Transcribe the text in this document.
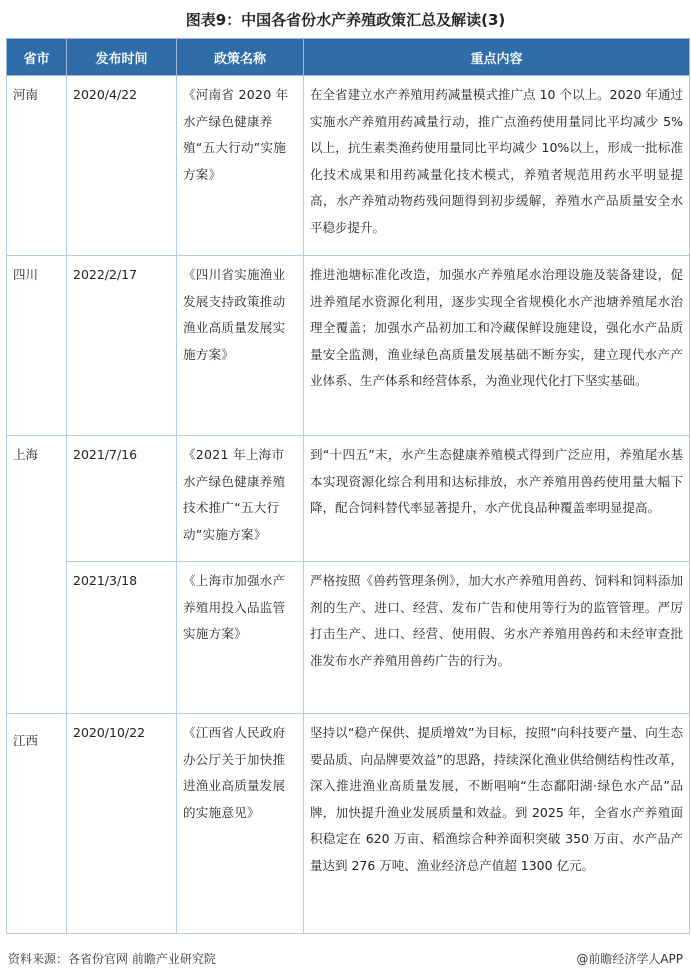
图表9：中国各省份水产养殖政策汇总及解读(3)
省市	发布时间	政策名称	重点内容
河南	2020/4/22	《河南省 2020 年水产绿色健康养殖“五大行动”实施方案》	在全省建立水产养殖用药减量模式推广点 10 个以上。2020 年通过实施水产养殖用药减量行动，推广点渔药使用量同比平均减少 5%以上，抗生素类渔药使用量同比平均减少 10%以上，形成一批标准化技术成果和用药减量化技术模式，养殖者规范用药水平明显提高，水产养殖动物药残问题得到初步缓解，养殖水产品质量安全水平稳步提升。
四川	2022/2/17	《四川省实施渔业发展支持政策推动渔业高质量发展实施方案》	推进池塘标准化改造，加强水产养殖尾水治理设施及装备建设，促进养殖尾水资源化利用，逐步实现全省规模化水产池塘养殖尾水治理全覆盖；加强水产品初加工和冷藏保鲜设施建设，强化水产品质量安全监测，渔业绿色高质量发展基础不断夯实，建立现代水产产业体系、生产体系和经营体系，为渔业现代化打下坚实基础。
上海	2021/7/16	《2021 年上海市水产绿色健康养殖技术推广“五大行动”实施方案》	到“十四五”末，水产生态健康养殖模式得到广泛应用，养殖尾水基本实现资源化综合利用和达标排放，水产养殖用兽药使用量大幅下降，配合饲料替代率显著提升，水产优良品种覆盖率明显提高。
	2021/3/18	《上海市加强水产养殖用投入品监管实施方案》	严格按照《兽药管理条例》，加大水产养殖用兽药、饲料和饲料添加剂的生产、进口、经营、发布广告和使用等行为的监管管理。严厉打击生产、进口、经营、使用假、劣水产养殖用兽药和未经审查批准发布水产养殖用兽药广告的行为。
江西	2020/10/22	《江西省人民政府办公厅关于加快推进渔业高质量发展的实施意见》	坚持以“稳产保供、提质增效”为目标，按照“向科技要产量、向生态要品质、向品牌要效益”的思路，持续深化渔业供给侧结构性改革，深入推进渔业高质量发展，不断唱响“生态鄱阳湖·绿色水产品”品牌，加快提升渔业发展质量和效益。到 2025 年，全省水产养殖面积稳定在 620 万亩、稻渔综合种养面积突破 350 万亩、水产品产量达到 276 万吨、渔业经济总产值超 1300 亿元。
资料来源：各省份官网 前瞻产业研究院	@前瞻经济学人APP
